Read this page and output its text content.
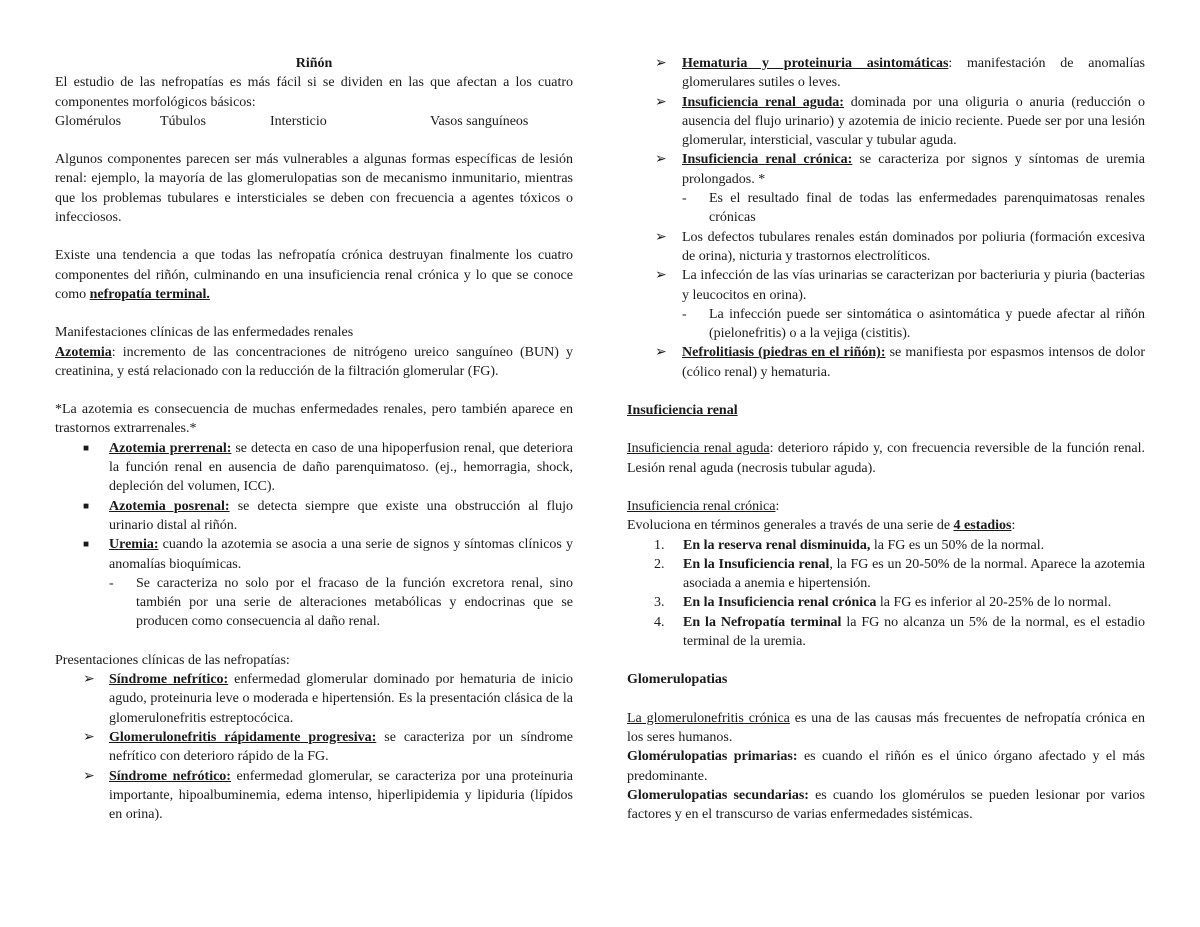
Riñón

El estudio de las nefropatías es más fácil si se dividen en las que afectan a los cuatro componentes morfológicos básicos:

Glomérulos	Túbulos	Intersticio	Vasos sanguíneos

Algunos componentes parecen ser más vulnerables a algunas formas específicas de lesión renal: ejemplo, la mayoría de las glomerulopatias son de mecanismo inmunitario, mientras que los problemas tubulares e intersticiales se deben con frecuencia a agentes tóxicos o infecciosos.

Existe una tendencia a que todas las nefropatía crónica destruyan finalmente los cuatro componentes del riñón, culminando en una insuficiencia renal crónica y lo que se conoce como nefropatía terminal.

Manifestaciones clínicas de las enfermedades renales

Azotemia: incremento de las concentraciones de nitrógeno ureico sanguíneo (BUN) y creatinina, y está relacionado con la reducción de la filtración glomerular (FG).

*La azotemia es consecuencia de muchas enfermedades renales, pero también aparece en trastornos extrarrenales.*

■ Azotemia prerrenal: se detecta en caso de una hipoperfusion renal, que deteriora la función renal en ausencia de daño parenquimatoso. (ej., hemorragia, shock, depleción del volumen, ICC).
■ Azotemia posrenal: se detecta siempre que existe una obstrucción al flujo urinario distal al riñón.
■ Uremia: cuando la azotemia se asocia a una serie de signos y síntomas clínicos y anomalías bioquímicas.
- Se caracteriza no solo por el fracaso de la función excretora renal, sino también por una serie de alteraciones metabólicas y endocrinas que se producen como consecuencia al daño renal.

Presentaciones clínicas de las nefropatías:

➢ Síndrome nefrítico: enfermedad glomerular dominado por hematuria de inicio agudo, proteinuria leve o moderada e hipertensión. Es la presentación clásica de la glomerulonefritis estreptocócica.
➢ Glomerulonefritis rápidamente progresiva: se caracteriza por un síndrome nefrítico con deterioro rápido de la FG.
➢ Síndrome nefrótico: enfermedad glomerular, se caracteriza por una proteinuria importante, hipoalbuminemia, edema intenso, hiperlipidemia y lipiduria (lípidos en orina).
➢ Hematuria y proteinuria asintomáticas: manifestación de anomalías glomerulares sutiles o leves.
➢ Insuficiencia renal aguda: dominada por una oliguria o anuria (reducción o ausencia del flujo urinario) y azotemia de inicio reciente. Puede ser por una lesión glomerular, intersticial, vascular y tubular aguda.
➢ Insuficiencia renal crónica: se caracteriza por signos y síntomas de uremia prolongados. *
- Es el resultado final de todas las enfermedades parenquimatosas renales crónicas
➢ Los defectos tubulares renales están dominados por poliuria (formación excesiva de orina), nicturia y trastornos electrolíticos.
➢ La infección de las vías urinarias se caracterizan por bacteriuria y piuria (bacterias y leucocitos en orina).
- La infección puede ser sintomática o asintomática y puede afectar al riñón (pielonefritis) o a la vejiga (cistitis).
➢ Nefrolitiasis (piedras en el riñón): se manifiesta por espasmos intensos de dolor (cólico renal) y hematuria.

Insuficiencia renal

Insuficiencia renal aguda: deterioro rápido y, con frecuencia reversible de la función renal. Lesión renal aguda (necrosis tubular aguda).

Insuficiencia renal crónica:

Evoluciona en términos generales a través de una serie de 4 estadios:

1. En la reserva renal disminuida, la FG es un 50% de la normal.
2. En la Insuficiencia renal, la FG es un 20-50% de la normal. Aparece la azotemia asociada a anemia e hipertensión.
3. En la Insuficiencia renal crónica la FG es inferior al 20-25% de lo normal.
4. En la Nefropatía terminal la FG no alcanza un 5% de la normal, es el estadio terminal de la uremia.

Glomerulopatias

La glomerulonefritis crónica es una de las causas más frecuentes de nefropatía crónica en los seres humanos.

Glomérulopatias primarias: es cuando el riñón es el único órgano afectado y el más predominante.

Glomerulopatias secundarias: es cuando los glomérulos se pueden lesionar por varios factores y en el transcurso de varias enfermedades sistémicas.
